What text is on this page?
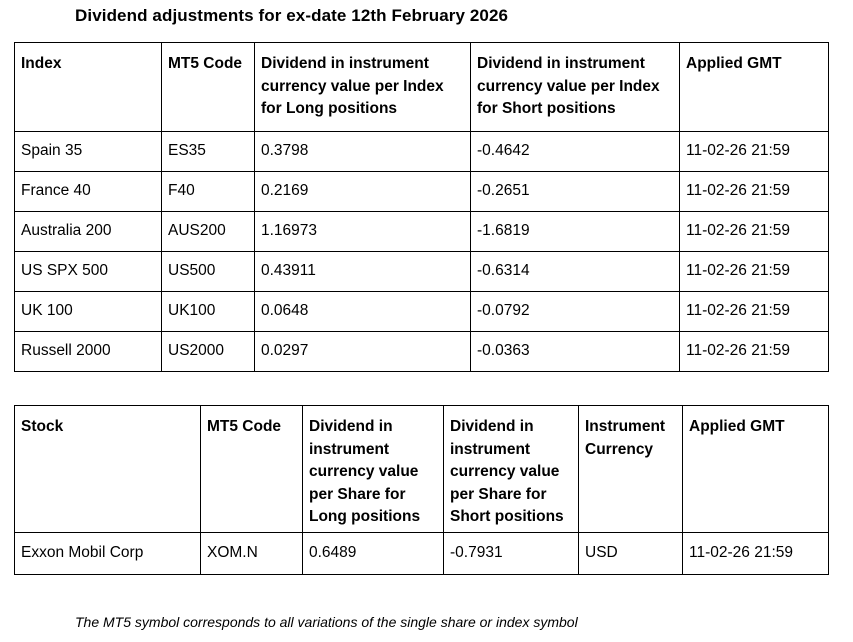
Dividend adjustments for ex-date 12th February 2026
Index	MT5 Code	Dividend in instrument currency value per Index for Long positions	Dividend in instrument currency value per Index for Short positions	Applied GMT
Spain 35	ES35	0.3798	-0.4642	11-02-26 21:59
France 40	F40	0.2169	-0.2651	11-02-26 21:59
Australia 200	AUS200	1.16973	-1.6819	11-02-26 21:59
US SPX 500	US500	0.43911	-0.6314	11-02-26 21:59
UK 100	UK100	0.0648	-0.0792	11-02-26 21:59
Russell 2000	US2000	0.0297	-0.0363	11-02-26 21:59
Stock	MT5 Code	Dividend in instrument currency value per Share for Long positions	Dividend in instrument currency value per Share for Short positions	Instrument Currency	Applied GMT
Exxon Mobil Corp	XOM.N	0.6489	-0.7931	USD	11-02-26 21:59
The MT5 symbol corresponds to all variations of the single share or index symbol
